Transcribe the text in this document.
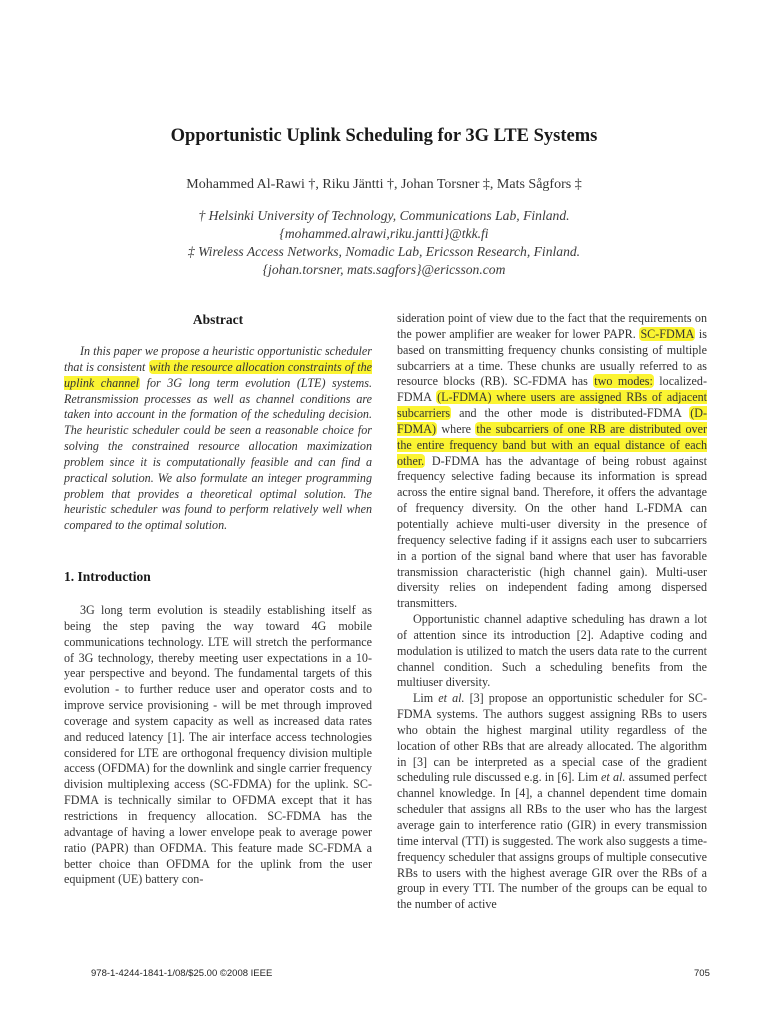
Opportunistic Uplink Scheduling for 3G LTE Systems
Mohammed Al-Rawi †, Riku Jäntti †, Johan Torsner ‡, Mats Sågfors ‡
† Helsinki University of Technology, Communications Lab, Finland.
{mohammed.alrawi,riku.jantti}@tkk.fi
‡ Wireless Access Networks, Nomadic Lab, Ericsson Research, Finland.
{johan.torsner, mats.sagfors}@ericsson.com
Abstract

In this paper we propose a heuristic opportunistic scheduler that is consistent with the resource allocation constraints of the uplink channel for 3G long term evolution (LTE) systems. Retransmission processes as well as channel conditions are taken into account in the formation of the scheduling decision. The heuristic scheduler could be seen a reasonable choice for solving the constrained resource allocation maximization problem since it is computationally feasible and can find a practical solution. We also formulate an integer programming problem that provides a theoretical optimal solution. The heuristic scheduler was found to perform relatively well when compared to the optimal solution.

1. Introduction

3G long term evolution is steadily establishing itself as being the step paving the way toward 4G mobile communications technology. LTE will stretch the performance of 3G technology, thereby meeting user expectations in a 10-year perspective and beyond. The fundamental targets of this evolution - to further reduce user and operator costs and to improve service provisioning - will be met through improved coverage and system capacity as well as increased data rates and reduced latency [1]. The air interface access technologies considered for LTE are orthogonal frequency division multiple access (OFDMA) for the downlink and single carrier frequency division multiplexing access (SC-FDMA) for the uplink. SC-FDMA is technically similar to OFDMA except that it has restrictions in frequency allocation. SC-FDMA has the advantage of having a lower envelope peak to average power ratio (PAPR) than OFDMA. This feature made SC-FDMA a better choice than OFDMA for the uplink from the user equipment (UE) battery con-

sideration point of view due to the fact that the requirements on the power amplifier are weaker for lower PAPR. SC-FDMA is based on transmitting frequency chunks consisting of multiple subcarriers at a time. These chunks are usually referred to as resource blocks (RB). SC-FDMA has two modes: localized-FDMA (L-FDMA) where users are assigned RBs of adjacent subcarriers and the other mode is distributed-FDMA (D-FDMA) where the subcarriers of one RB are distributed over the entire frequency band but with an equal distance of each other. D-FDMA has the advantage of being robust against frequency selective fading because its information is spread across the entire signal band. Therefore, it offers the advantage of frequency diversity. On the other hand L-FDMA can potentially achieve multi-user diversity in the presence of frequency selective fading if it assigns each user to subcarriers in a portion of the signal band where that user has favorable transmission characteristic (high channel gain). Multi-user diversity relies on independent fading among dispersed transmitters.

Opportunistic channel adaptive scheduling has drawn a lot of attention since its introduction [2]. Adaptive coding and modulation is utilized to match the users data rate to the current channel condition. Such a scheduling benefits from the multiuser diversity.

Lim et al. [3] propose an opportunistic scheduler for SC-FDMA systems. The authors suggest assigning RBs to users who obtain the highest marginal utility regardless of the location of other RBs that are already allocated. The algorithm in [3] can be interpreted as a special case of the gradient scheduling rule discussed e.g. in [6]. Lim et al. assumed perfect channel knowledge. In [4], a channel dependent time domain scheduler that assigns all RBs to the user who has the largest average gain to interference ratio (GIR) in every transmission time interval (TTI) is suggested. The work also suggests a time-frequency scheduler that assigns groups of multiple consecutive RBs to users with the highest average GIR over the RBs of a group in every TTI. The number of the groups can be equal to the number of active

978-1-4244-1841-1/08/$25.00 ©2008 IEEE	705
